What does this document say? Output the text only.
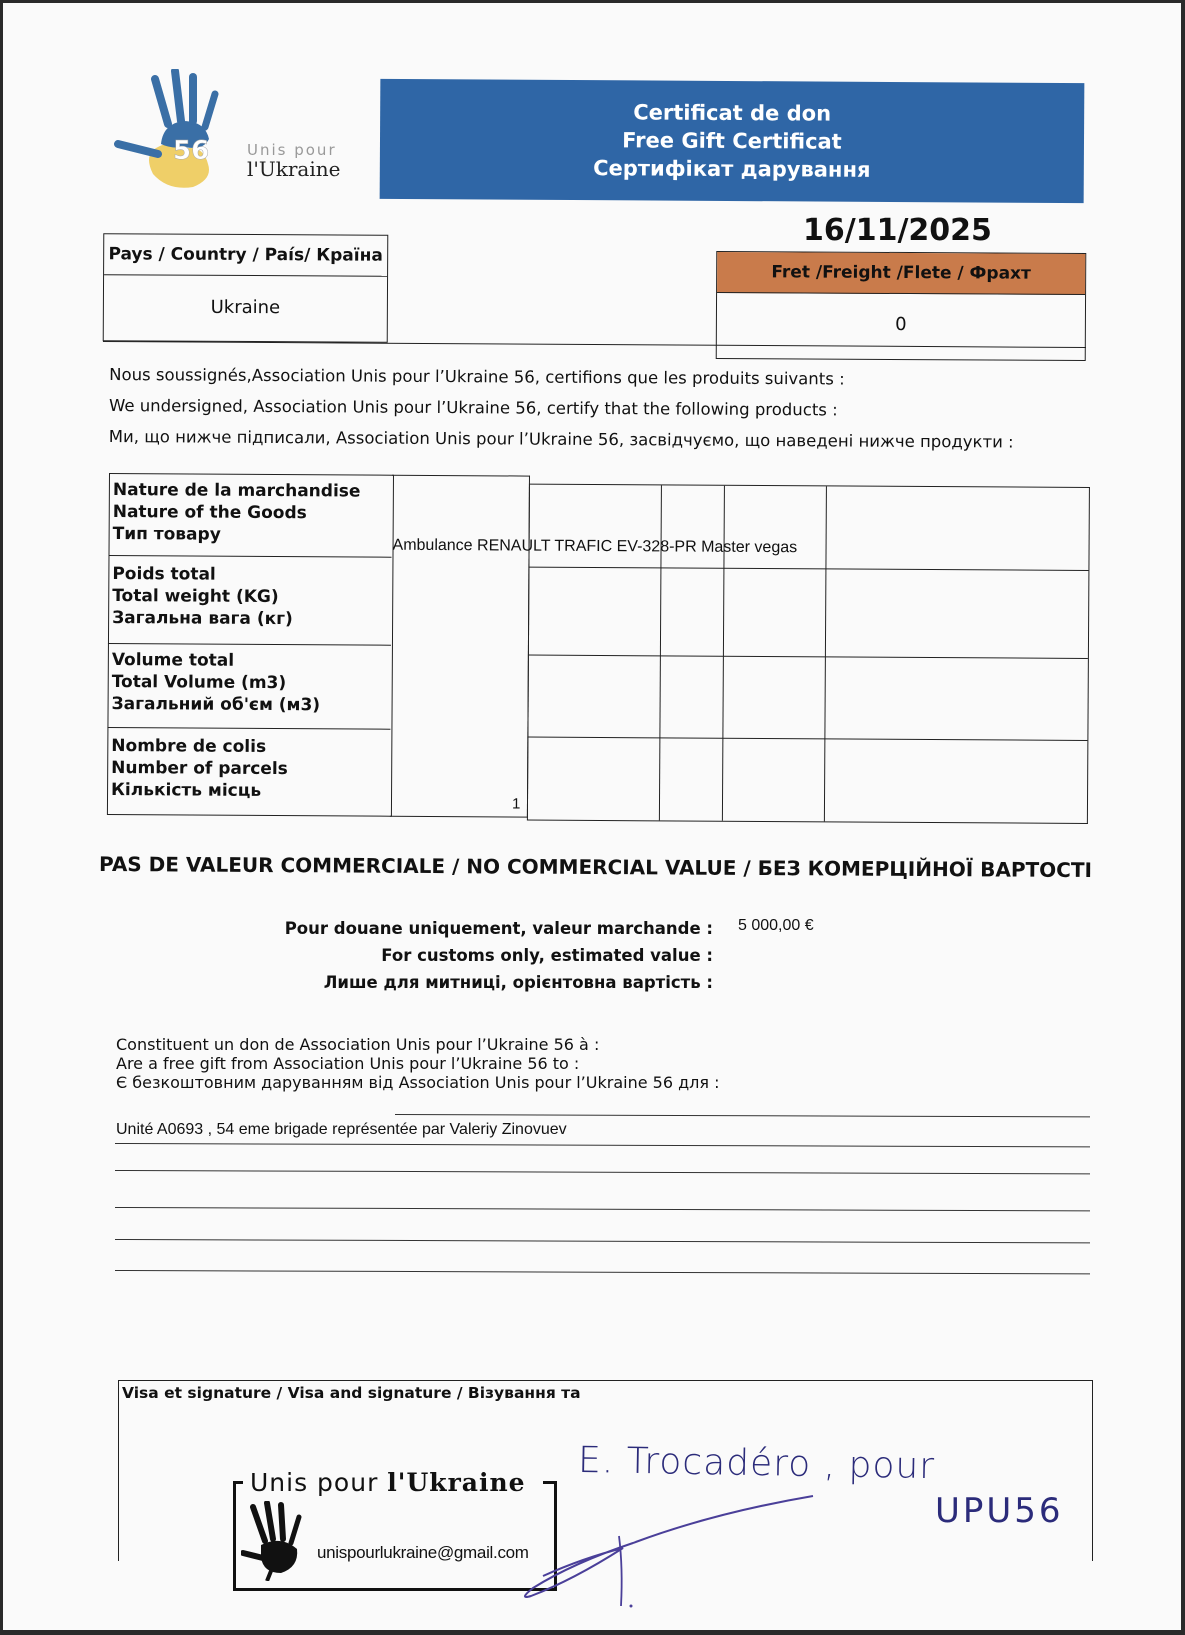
56	Unis pour
l'Ukraine
Certificat de don
Free Gift Certificat
Сертифікат дарування
16/11/2025
Pays / Country / País/ Країна
Ukraine
Fret /Freight /Flete / Фрахт
0
Nous soussignés,Association Unis pour l’Ukraine 56, certifions que les produits suivants :
We undersigned, Association Unis pour l’Ukraine 56, certify that the following products :
Ми, що нижче підписали, Association Unis pour l’Ukraine 56, засвідчуємо, що наведені нижче продукти :
Nature de la marchandise
Nature of the Goods
Тип товару
Poids total
Total weight (KG)
Загальна вага (кг)
Volume total
Total Volume (m3)
Загальний об'єм (м3)
Nombre de colis
Number of parcels
Кількість місць
Ambulance RENAULT TRAFIC EV-328-PR Master vegas
1
PAS DE VALEUR COMMERCIALE / NO COMMERCIAL VALUE / БЕЗ КОМЕРЦІЙНОЇ ВАРТОСТІ
Pour douane uniquement, valeur marchande :
For customs only, estimated value :
Лише для митниці, орієнтовна вартість :
5 000,00 €
Constituent un don de Association Unis pour l’Ukraine 56 à :
Are a free gift from Association Unis pour l’Ukraine 56 to :
Є безкоштовним даруванням від Association Unis pour l’Ukraine 56 для :
Unité A0693 , 54 eme brigade représentée par Valeriy Zinovuev
Visa et signature / Visa and signature / Візування та
Unis pour l'Ukraine
unispourlukraine@gmail.com
E. Trocadéro , pour
UPU56
